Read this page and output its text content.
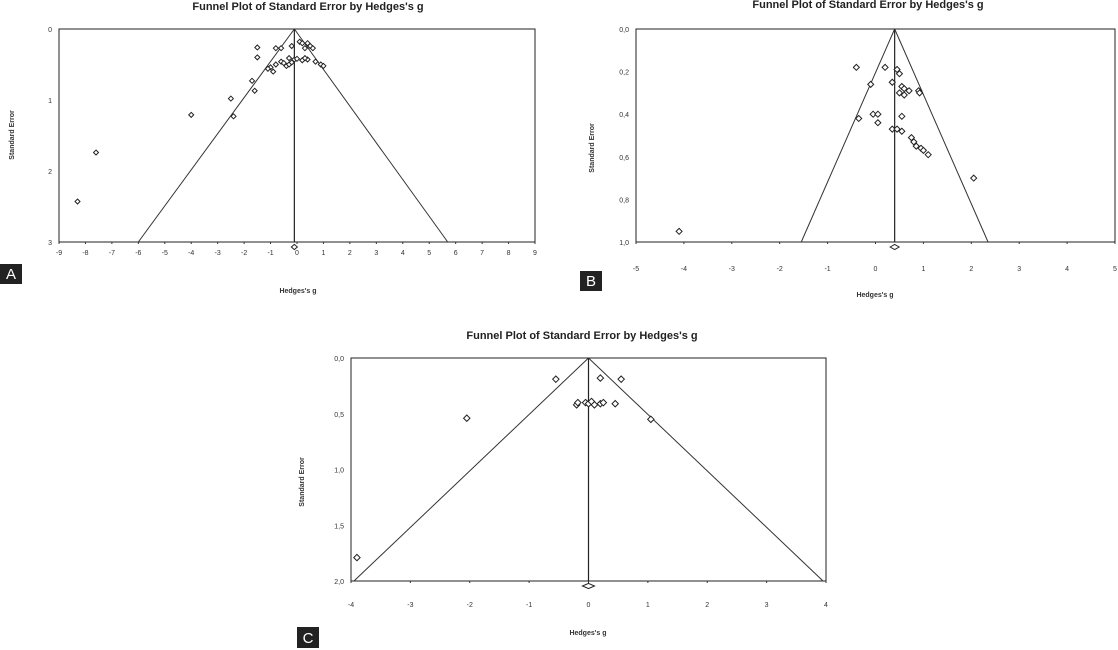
Funnel Plot of Standard Error by Hedges's g
Standard Error
Hedges's g
-9	-8	-7	-6	-5	-4	-3	-2	-1	0	1	2	3	4	5	6	7	8	9
0
1
2
3
A
Funnel Plot of Standard Error by Hedges's g
Standard Error
Hedges's g
-5	-4	-3	-2	-1	0	1	2	3	4	5
0,0
0,2
0,4
0,6
0,8
1,0
B
Funnel Plot of Standard Error by Hedges's g
Standard Error
Hedges's g
-4	-3	-2	-1	0	1	2	3	4
0,0
0,5
1,0
1,5
2,0
C
